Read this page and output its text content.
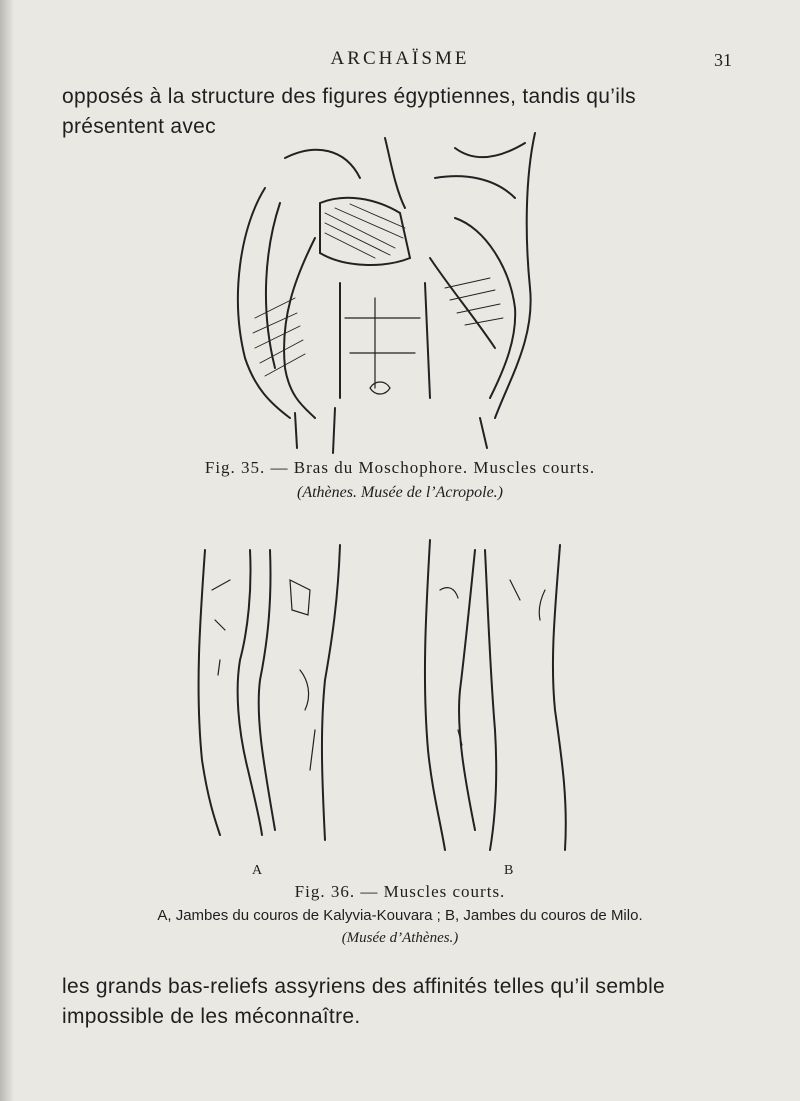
ARCHAÏSME	31
opposés à la structure des figures égyptiennes, tandis qu’ils présentent avec
Fig. 35. — Bras du Moschophore. Muscles courts.
(Athènes. Musée de l’Acropole.)
A	B
Fig. 36. — Muscles courts.
A, Jambes du couros de Kalyvia-Kouvara ; B, Jambes du couros de Milo.
(Musée d’Athènes.)
les grands bas-reliefs assyriens des affinités telles qu’il semble impossible de les méconnaître.
